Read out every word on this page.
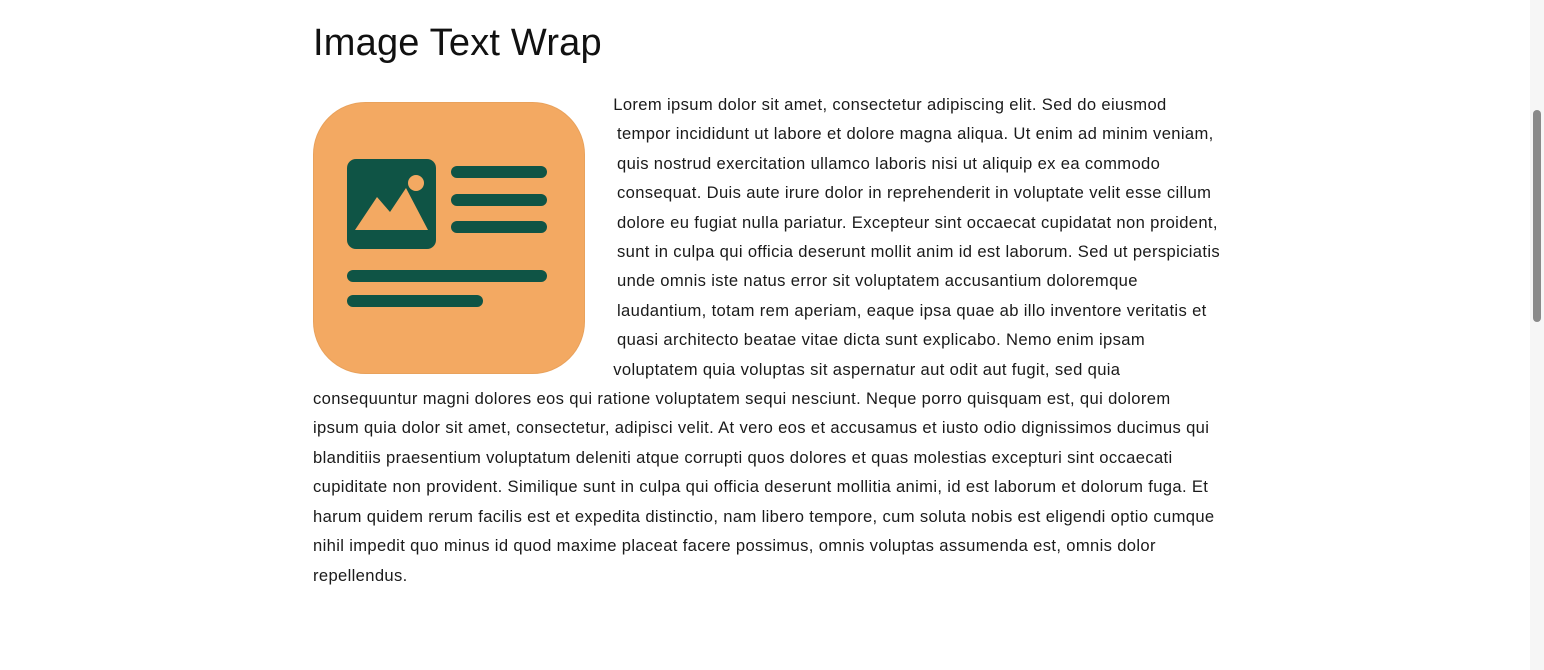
Image Text Wrap
Lorem ipsum dolor sit amet, consectetur adipiscing elit. Sed do eiusmod tempor incididunt ut labore et dolore magna aliqua. Ut enim ad minim veniam, quis nostrud exercitation ullamco laboris nisi ut aliquip ex ea commodo consequat. Duis aute irure dolor in reprehenderit in voluptate velit esse cillum dolore eu fugiat nulla pariatur. Excepteur sint occaecat cupidatat non proident, sunt in culpa qui officia deserunt mollit anim id est laborum. Sed ut perspiciatis unde omnis iste natus error sit voluptatem accusantium doloremque laudantium, totam rem aperiam, eaque ipsa quae ab illo inventore veritatis et quasi architecto beatae vitae dicta sunt explicabo. Nemo enim ipsam voluptatem quia voluptas sit aspernatur aut odit aut fugit, sed quia consequuntur magni dolores eos qui ratione voluptatem sequi nesciunt. Neque porro quisquam est, qui dolorem ipsum quia dolor sit amet, consectetur, adipisci velit. At vero eos et accusamus et iusto odio dignissimos ducimus qui blanditiis praesentium voluptatum deleniti atque corrupti quos dolores et quas molestias excepturi sint occaecati cupiditate non provident. Similique sunt in culpa qui officia deserunt mollitia animi, id est laborum et dolorum fuga. Et harum quidem rerum facilis est et expedita distinctio, nam libero tempore, cum soluta nobis est eligendi optio cumque nihil impedit quo minus id quod maxime placeat facere possimus, omnis voluptas assumenda est, omnis dolor repellendus.
